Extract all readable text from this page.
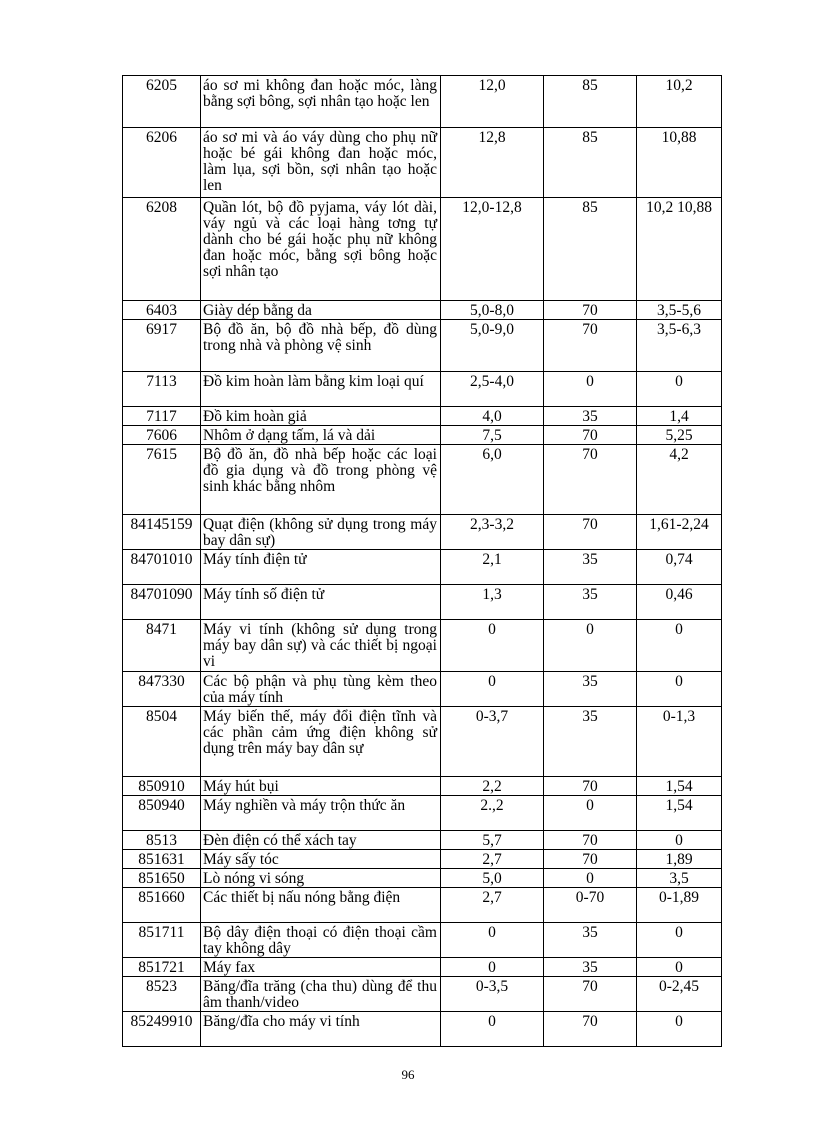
6205	áo sơ mi không đan hoặc móc, làng bằng sợi bông, sợi nhân tạo hoặc len	12,0	85	10,2
6206	áo sơ mi và áo váy dùng cho phụ nữ hoặc bé gái không đan hoặc móc, làm lụa, sợi bồn, sợi nhân tạo hoặc len	12,8	85	10,88
6208	Quần lót, bộ đồ pyjama, váy lót dài, váy ngủ và các loại hàng tơng tự dành cho bé gái hoặc phụ nữ không đan hoặc móc, bằng sợi bông hoặc sợi nhân tạo	12,0-12,8	85	10,2 10,88
6403	Giày dép bằng da	5,0-8,0	70	3,5-5,6
6917	Bộ đồ ăn, bộ đồ nhà bếp, đồ dùng trong nhà và phòng vệ sinh	5,0-9,0	70	3,5-6,3
7113	Đồ kim hoàn làm bằng kim loại quí	2,5-4,0	0	0
7117	Đồ kim hoàn giả	4,0	35	1,4
7606	Nhôm ở dạng tấm, lá và dải	7,5	70	5,25
7615	Bộ đồ ăn, đồ nhà bếp hoặc các loại đồ gia dụng và đồ trong phòng vệ sinh khác bằng nhôm	6,0	70	4,2
84145159	Quạt điện (không sử dụng trong máy bay dân sự)	2,3-3,2	70	1,61-2,24
84701010	Máy tính điện tử	2,1	35	0,74
84701090	Máy tính số điện tử	1,3	35	0,46
8471	Máy vi tính (không sử dụng trong máy bay dân sự) và các thiết bị ngoại vi	0	0	0
847330	Các bộ phận và phụ tùng kèm theo của máy tính	0	35	0
8504	Máy biến thế, máy đổi điện tĩnh và các phần cảm ứng điện không sử dụng trên máy bay dân sự	0-3,7	35	0-1,3
850910	Máy hút bụi	2,2	70	1,54
850940	Máy nghiền và máy trộn thức ăn	2.,2	0	1,54
8513	Đèn điện có thể xách tay	5,7	70	0
851631	Máy sấy tóc	2,7	70	1,89
851650	Lò nóng vi sóng	5,0	0	3,5
851660	Các thiết bị nấu nóng bằng điện	2,7	0-70	0-1,89
851711	Bộ dây điện thoại có điện thoại cầm tay không dây	0	35	0
851721	Máy fax	0	35	0
8523	Băng/đĩa trăng (cha thu) dùng để thu âm thanh/video	0-3,5	70	0-2,45
85249910	Băng/đĩa cho máy vi tính	0	70	0
96
